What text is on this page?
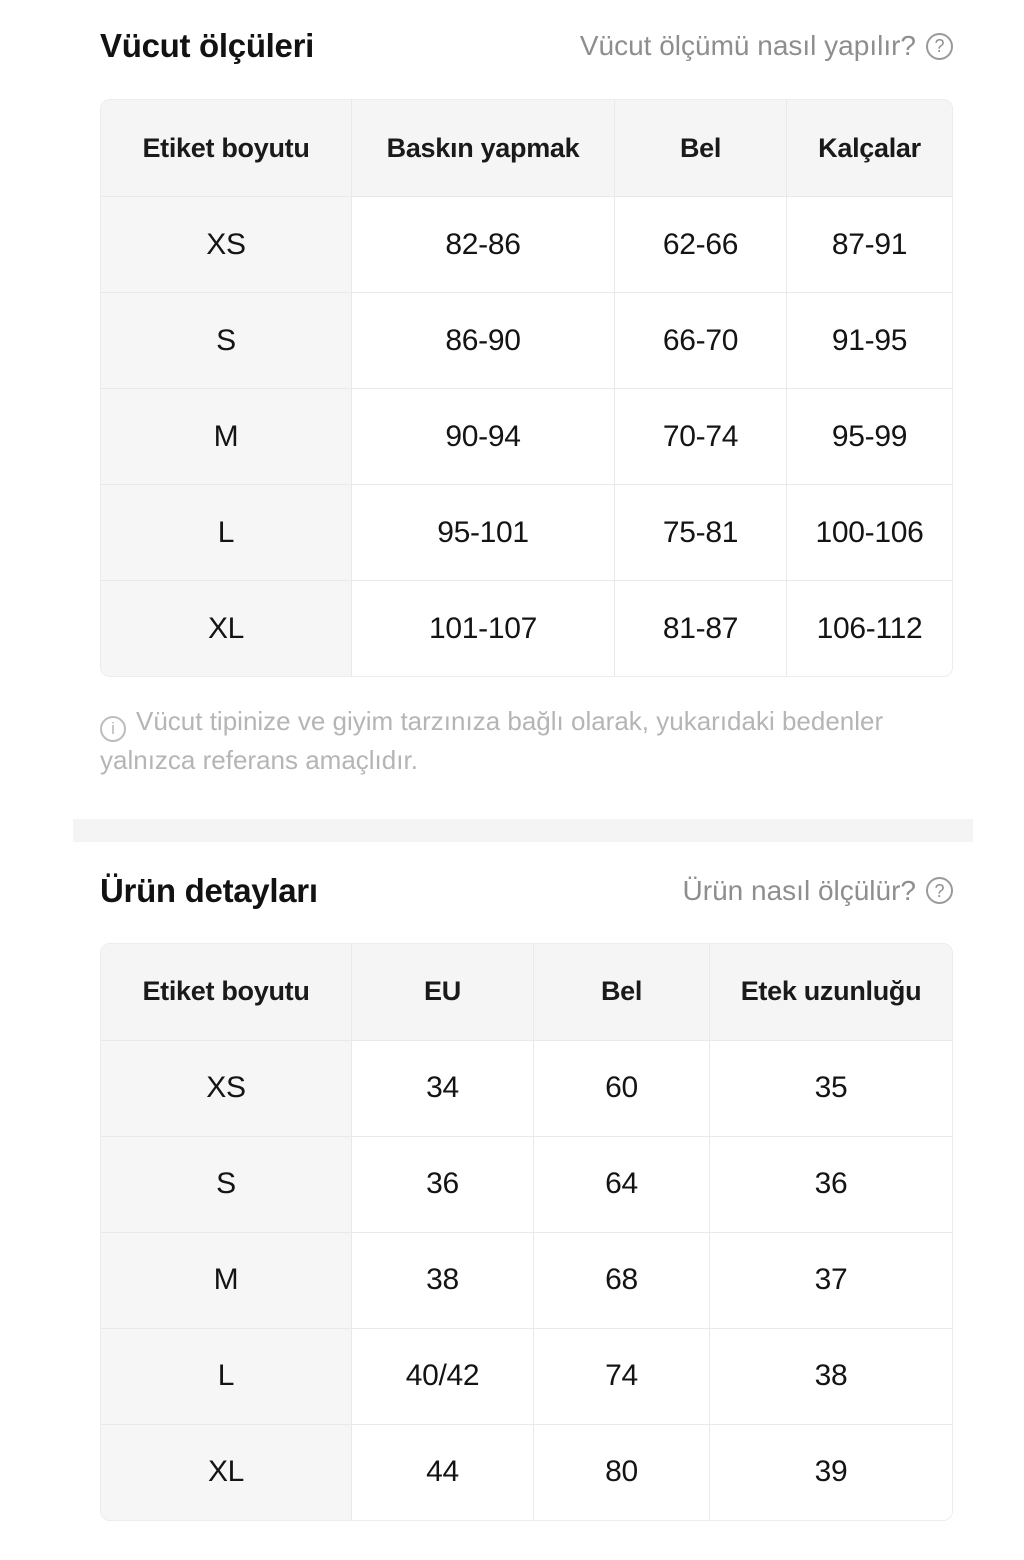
Vücut ölçüleri	Vücut ölçümü nasıl yapılır?	?
Etiket boyutu	Baskın yapmak	Bel	Kalçalar
XS	82-86	62-66	87-91
S	86-90	66-70	91-95
M	90-94	70-74	95-99
L	95-101	75-81	100-106
XL	101-107	81-87	106-112

i Vücut tipinize ve giyim tarzınıza bağlı olarak, yukarıdaki bedenler yalnızca referans amaçlıdır.

Ürün detayları	Ürün nasıl ölçülür?	?
Etiket boyutu	EU	Bel	Etek uzunluğu
XS	34	60	35
S	36	64	36
M	38	68	37
L	40/42	74	38
XL	44	80	39
